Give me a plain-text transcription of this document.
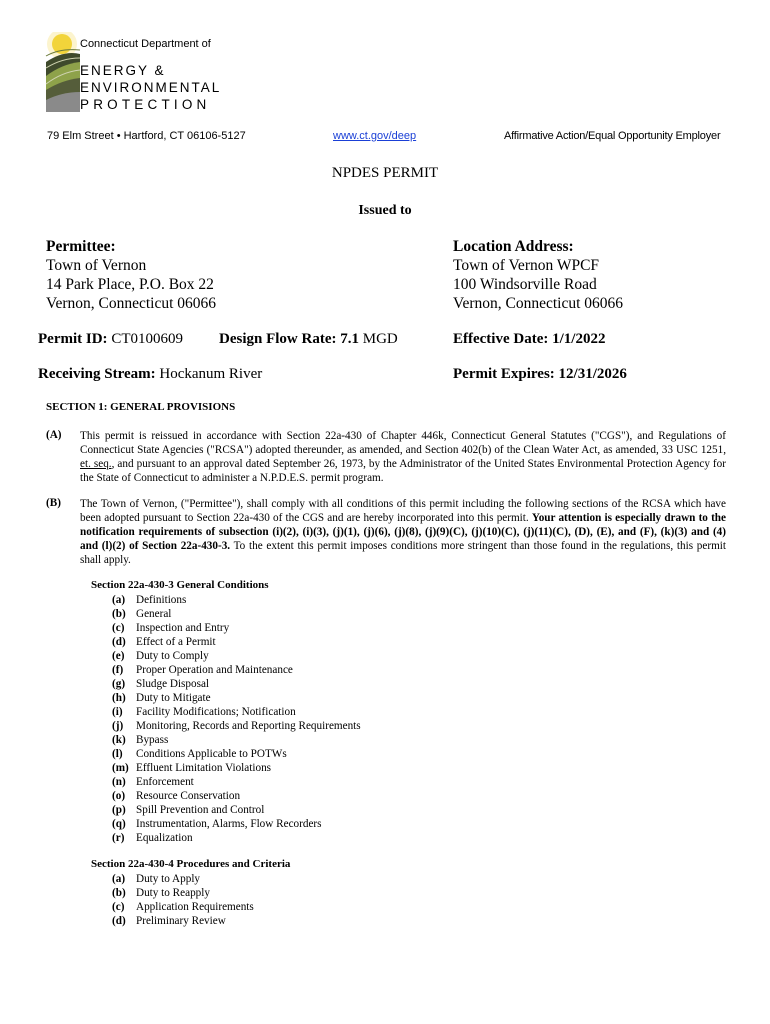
Connecticut Department of
ENERGY &
ENVIRONMENTAL
PROTECTION
79 Elm Street • Hartford, CT 06106-5127	www.ct.gov/deep	Affirmative Action/Equal Opportunity Employer
NPDES PERMIT
Issued to
Permittee:
Town of Vernon
14 Park Place, P.O. Box 22
Vernon, Connecticut 06066
Location Address:
Town of Vernon WPCF
100 Windsorville Road
Vernon, Connecticut 06066
Permit ID: CT0100609 Design Flow Rate: 7.1 MGD	Effective Date: 1/1/2022
Receiving Stream: Hockanum River	Permit Expires: 12/31/2026
SECTION 1: GENERAL PROVISIONS
(A) This permit is reissued in accordance with Section 22a-430 of Chapter 446k, Connecticut General Statutes ("CGS"), and Regulations of Connecticut State Agencies ("RCSA") adopted thereunder, as amended, and Section 402(b) of the Clean Water Act, as amended, 33 USC 1251, et. seq., and pursuant to an approval dated September 26, 1973, by the Administrator of the United States Environmental Protection Agency for the State of Connecticut to administer a N.P.D.E.S. permit program.
(B) The Town of Vernon, ("Permittee"), shall comply with all conditions of this permit including the following sections of the RCSA which have been adopted pursuant to Section 22a-430 of the CGS and are hereby incorporated into this permit. Your attention is especially drawn to the notification requirements of subsection (i)(2), (i)(3), (j)(1), (j)(6), (j)(8), (j)(9)(C), (j)(10)(C), (j)(11)(C), (D), (E), and (F), (k)(3) and (4) and (l)(2) of Section 22a-430-3. To the extent this permit imposes conditions more stringent than those found in the regulations, this permit shall apply.
Section 22a-430-3 General Conditions
(a) Definitions
(b) General
(c)	Inspection and Entry
(d) Effect of a Permit
(e)	Duty to Comply
(f)	Proper Operation and Maintenance
(g) Sludge Disposal
(h) Duty to Mitigate
(i)	Facility Modifications; Notification
(j)	Monitoring, Records and Reporting Requirements
(k) Bypass
(l)	Conditions Applicable to POTWs
(m) Effluent Limitation Violations
(n) Enforcement
(o) Resource Conservation
(p) Spill Prevention and Control
(q) Instrumentation, Alarms, Flow Recorders
(r)	Equalization
Section 22a-430-4 Procedures and Criteria
(a) Duty to Apply
(b) Duty to Reapply
(c)	Application Requirements
(d) Preliminary Review
